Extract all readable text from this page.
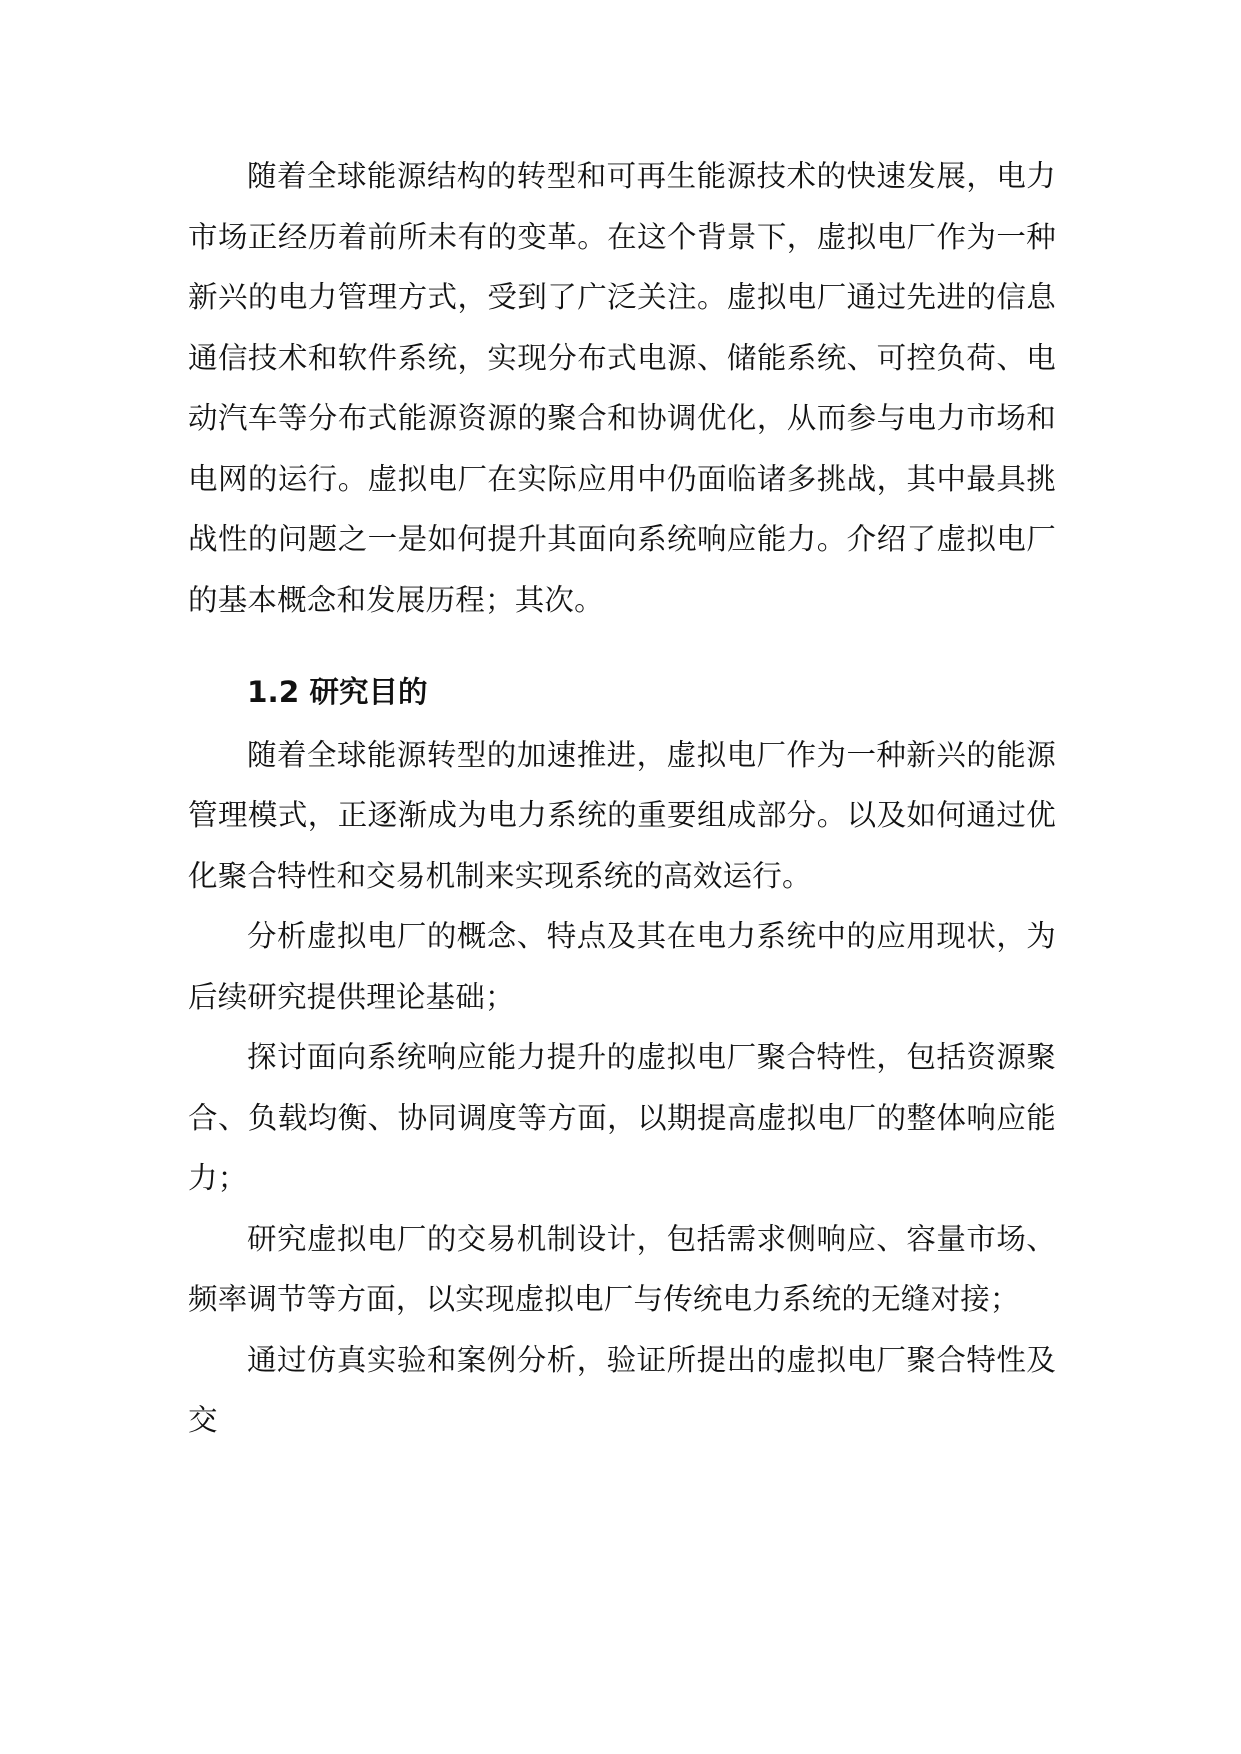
随着全球能源结构的转型和可再生能源技术的快速发展，电力市场正经历着前所未有的变革。在这个背景下，虚拟电厂作为一种新兴的电力管理方式，受到了广泛关注。虚拟电厂通过先进的信息通信技术和软件系统，实现分布式电源、储能系统、可控负荷、电动汽车等分布式能源资源的聚合和协调优化，从而参与电力市场和电网的运行。虚拟电厂在实际应用中仍面临诸多挑战，其中最具挑战性的问题之一是如何提升其面向系统响应能力。介绍了虚拟电厂的基本概念和发展历程；其次。

1.2 研究目的

随着全球能源转型的加速推进，虚拟电厂作为一种新兴的能源管理模式，正逐渐成为电力系统的重要组成部分。以及如何通过优化聚合特性和交易机制来实现系统的高效运行。

分析虚拟电厂的概念、特点及其在电力系统中的应用现状，为后续研究提供理论基础；

探讨面向系统响应能力提升的虚拟电厂聚合特性，包括资源聚合、负载均衡、协同调度等方面，以期提高虚拟电厂的整体响应能力；

研究虚拟电厂的交易机制设计，包括需求侧响应、容量市场、频率调节等方面，以实现虚拟电厂与传统电力系统的无缝对接；

通过仿真实验和案例分析，验证所提出的虚拟电厂聚合特性及交
